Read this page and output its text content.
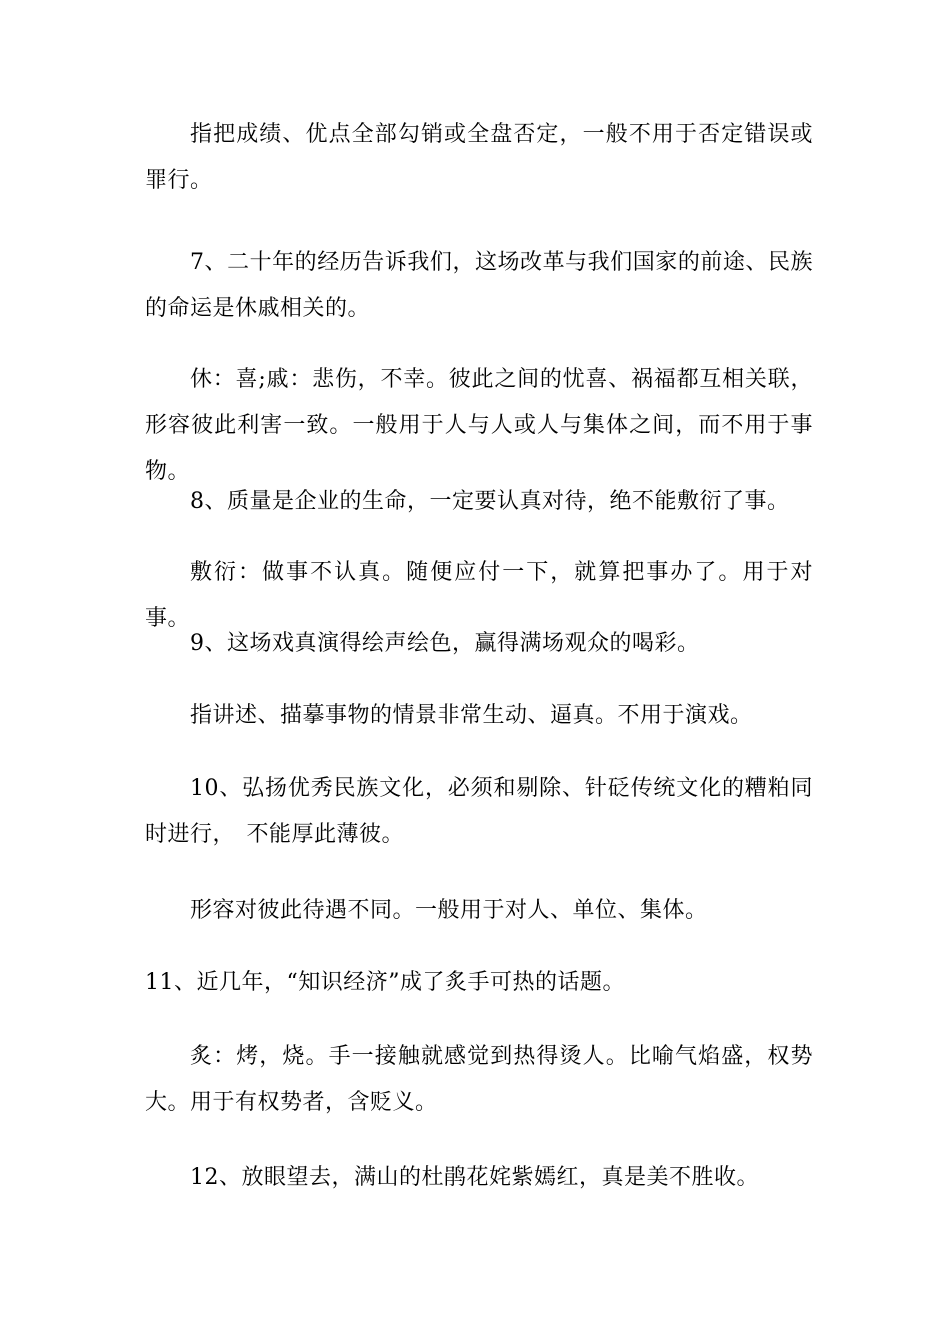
指把成绩、优点全部勾销或全盘否定，一般不用于否定错误或罪行。

7、二十年的经历告诉我们，这场改革与我们国家的前途、民族的命运是休戚相关的。

休：喜;戚：悲伤，不幸。彼此之间的忧喜、祸福都互相关联，形容彼此利害一致。一般用于人与人或人与集体之间，而不用于事物。

8、质量是企业的生命，一定要认真对待，绝不能敷衍了事。

敷衍：做事不认真。随便应付一下，就算把事办了。用于对事。

9、这场戏真演得绘声绘色，赢得满场观众的喝彩。

指讲述、描摹事物的情景非常生动、逼真。不用于演戏。

10、弘扬优秀民族文化，必须和剔除、针砭传统文化的糟粕同时进行，　不能厚此薄彼。

形容对彼此待遇不同。一般用于对人、单位、集体。

11、近几年，“知识经济”成了炙手可热的话题。

炙：烤，烧。手一接触就感觉到热得烫人。比喻气焰盛，权势大。用于有权势者，含贬义。

12、放眼望去，满山的杜鹃花姹紫嫣红，真是美不胜收。
